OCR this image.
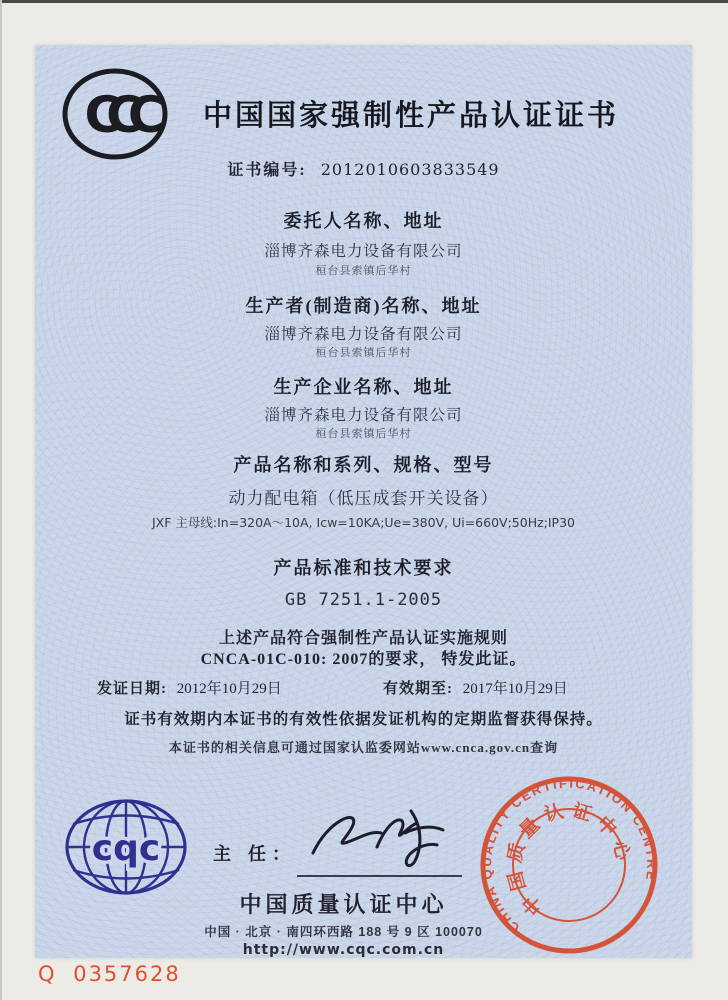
CCC	中国国家强制性产品认证证书
证书编号: 2012010603833549
委托人名称、地址
淄博齐森电力设备有限公司
桓台县索镇后华村
生产者(制造商)名称、地址
淄博齐森电力设备有限公司
桓台县索镇后华村
生产企业名称、地址
淄博齐森电力设备有限公司
桓台县索镇后华村
产品名称和系列、规格、型号
动力配电箱（低压成套开关设备）
JXF 主母线:In=320A～10A, Icw=10KA;Ue=380V, Ui=660V;50Hz;IP30
产品标准和技术要求
GB 7251.1-2005
上述产品符合强制性产品认证实施规则
CNCA-01C-010: 2007的要求， 特发此证。
发证日期: 2012年10月29日	有效期至: 2017年10月29日
证书有效期内本证书的有效性依据发证机构的定期监督获得保持。
本证书的相关信息可通过国家认监委网站www.cnca.gov.cn查询
cqc	主 任：
中国质量认证中心
中国 · 北京 · 南四环西路 188 号 9 区 100070
http://www.cqc.com.cn
CHINA QUALITY CERTIFICATION CENTRE
中国质量认证中心
Q 0357628
